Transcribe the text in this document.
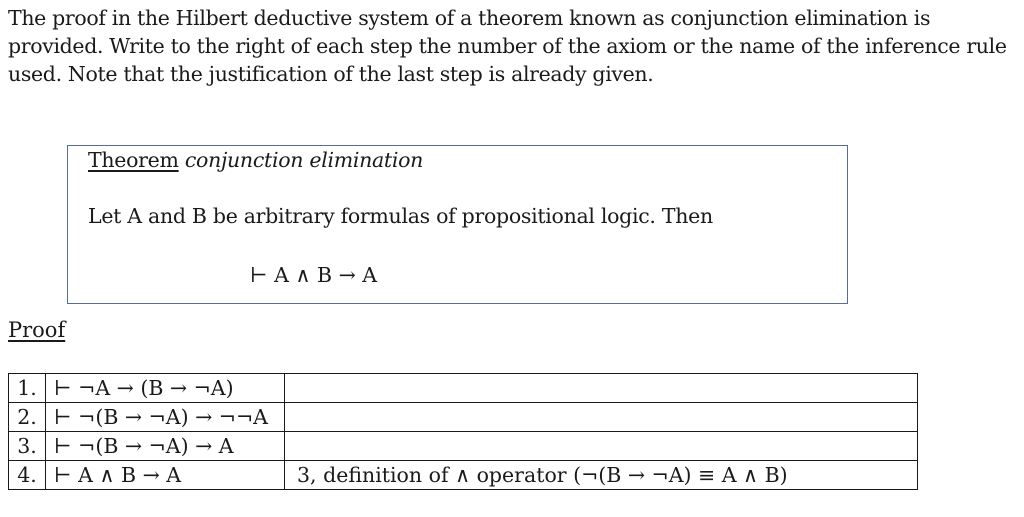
The proof in the Hilbert deductive system of a theorem known as conjunction elimination is provided. Write to the right of each step the number of the axiom or the name of the inference rule used. Note that the justification of the last step is already given.

Theorem conjunction elimination
Let A and B be arbitrary formulas of propositional logic. Then
⊢ A ∧ B → A
Proof
1.	⊢ ¬A → (B → ¬A)	
2.	⊢ ¬(B → ¬A) → ¬¬A	
3.	⊢ ¬(B → ¬A) → A	
4.	⊢ A ∧ B → A	3, definition of ∧ operator (¬(B → ¬A) ≡ A ∧ B)
